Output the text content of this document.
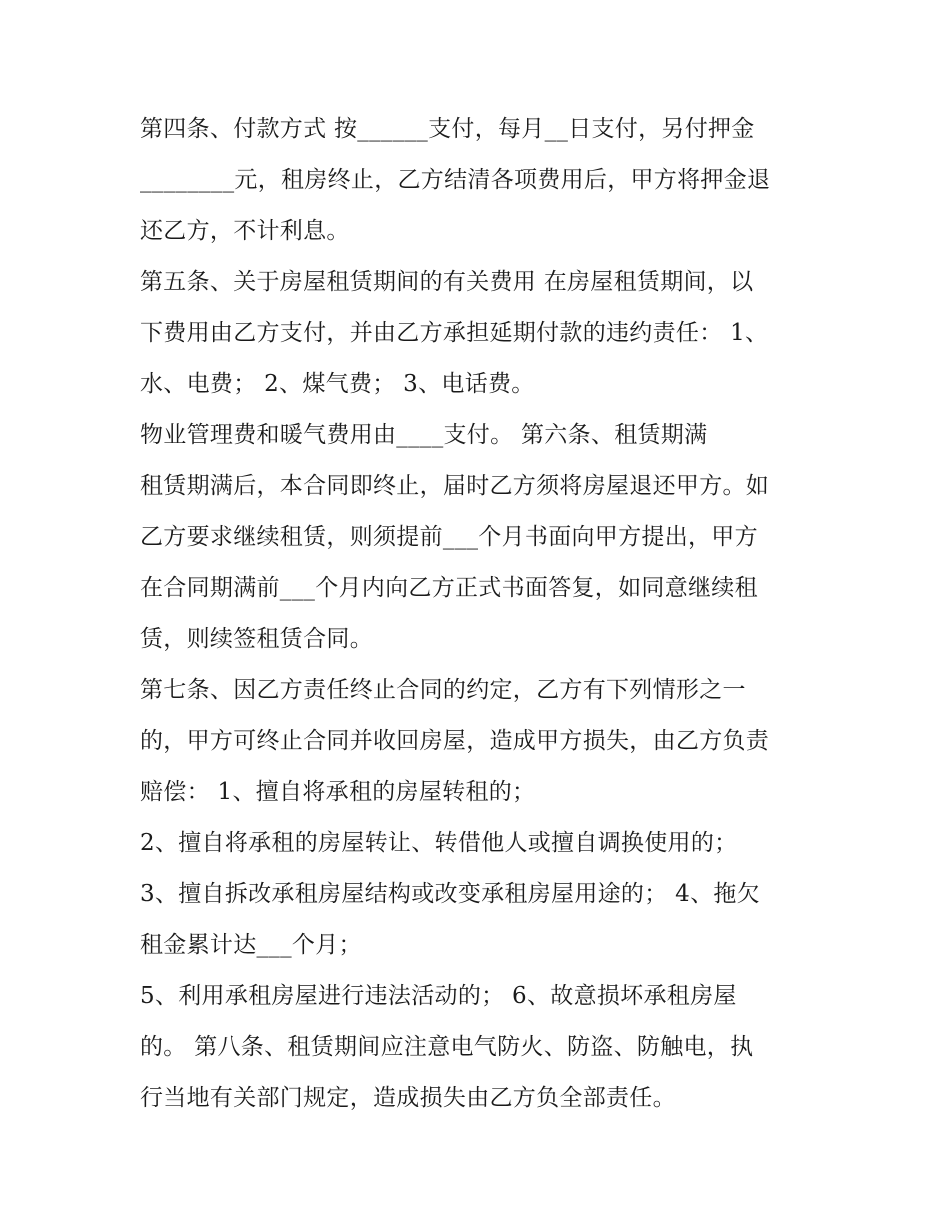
第四条、付款方式 按______支付，每月__日支付，另付押金
________元，租房终止，乙方结清各项费用后，甲方将押金退
还乙方，不计利息。
第五条、关于房屋租赁期间的有关费用 在房屋租赁期间，以
下费用由乙方支付，并由乙方承担延期付款的违约责任： 1、
水、电费； 2、煤气费； 3、电话费。
物业管理费和暖气费用由____支付。 第六条、租赁期满
租赁期满后，本合同即终止，届时乙方须将房屋退还甲方。如
乙方要求继续租赁，则须提前___个月书面向甲方提出，甲方
在合同期满前___个月内向乙方正式书面答复，如同意继续租
赁，则续签租赁合同。
第七条、因乙方责任终止合同的约定，乙方有下列情形之一
的，甲方可终止合同并收回房屋，造成甲方损失，由乙方负责
赔偿： 1、擅自将承租的房屋转租的；
2、擅自将承租的房屋转让、转借他人或擅自调换使用的；
3、擅自拆改承租房屋结构或改变承租房屋用途的； 4、拖欠
租金累计达___个月；
5、利用承租房屋进行违法活动的； 6、故意损坏承租房屋
的。 第八条、租赁期间应注意电气防火、防盗、防触电，执
行当地有关部门规定，造成损失由乙方负全部责任。
